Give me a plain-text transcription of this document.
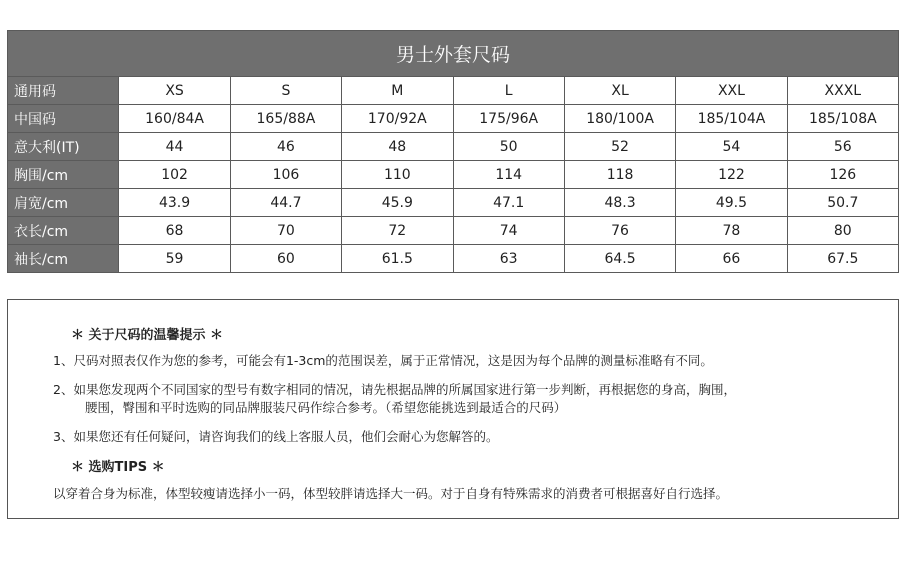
男士外套尺码							
通用码	XS	S	M	L	XL	XXL	XXXL
中国码	160/84A	165/88A	170/92A	175/96A	180/100A	185/104A	185/108A
意大利(IT)	44	46	48	50	52	54	56
胸围/cm	102	106	110	114	118	122	126
肩宽/cm	43.9	44.7	45.9	47.1	48.3	49.5	50.7
衣长/cm	68	70	72	74	76	78	80
袖长/cm	59	60	61.5	63	64.5	66	67.5
＊ 关于尺码的温馨提示 ＊
1、尺码对照表仅作为您的参考，可能会有1-3cm的范围误差，属于正常情况，这是因为每个品牌的测量标准略有不同。
2、如果您发现两个不同国家的型号有数字相同的情况，请先根据品牌的所属国家进行第一步判断，再根据您的身高，胸围，
腰围，臀围和平时选购的同品牌服装尺码作综合参考。（希望您能挑选到最适合的尺码）
3、如果您还有任何疑问，请咨询我们的线上客服人员，他们会耐心为您解答的。
＊ 选购TIPS ＊
以穿着合身为标准，体型较瘦请选择小一码，体型较胖请选择大一码。对于自身有特殊需求的消费者可根据喜好自行选择。
